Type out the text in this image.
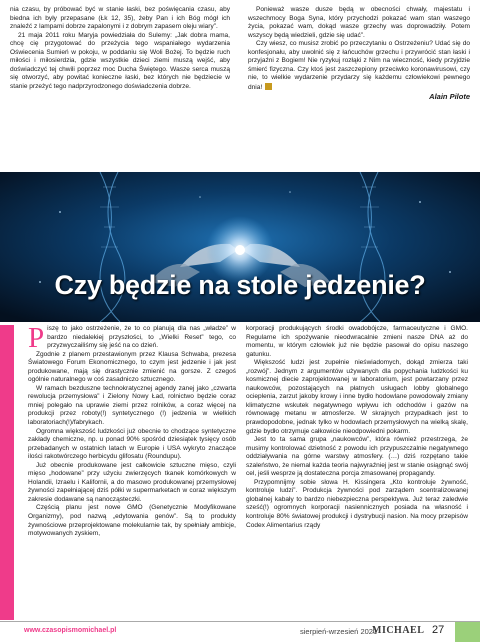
nia czasu, by próbować być w stanie łaski, bez poświęcania czasu, aby biedna ich były przepasane (Łk 12, 35), żeby Pan i ich Bóg mógł ich znaleźć z lampami dobrze zapalonymi i z dobrym zapasem oleju wiary”.

21 maja 2011 roku Maryja powiedziała do Sulemy: „Jak dobra mama, chcę cię przygotować do przeżycia tego wspaniałego wydarzenia Oświecenia Sumień w pokoju, w poddaniu się Woli Bożej. To będzie ruch miłości i miłosierdzia, gdzie wszystkie dzieci ziemi muszą wejść, aby doświadczyć tej chwili poprzez moc Ducha Świętego. Wasze serca muszą się otworzyć, aby powitać konieczne łaski, bez których nie będziecie w stanie przeżyć tego nadprzyrodzonego doświadczenia dobrze.

Ponieważ wasze dusze będą w obecności chwały, majestatu i wszechmocy Boga Syna, który przychodzi pokazać wam stan waszego życia, pokazać wam, dokąd wasze grzechy was doprowadziły. Potem wszyscy będą wiedzieli, gdzie się udać”.

Czy wiesz, co musisz zrobić po przeczytaniu o Ostrzeżeniu? Udać się do konfesjonału, aby uwolnić się z łańcuchów grzechu i przywrócić stan łaski i przyjaźni z Bogiem! Nie ryzykuj rozłąki z Nim na wieczność, kiedy przyjdzie śmierć fizyczna. Czy ktoś jest zaszczepiony przeciwko koronawirusowi, czy nie, to wielkie wydarzenie przydarzy się każdemu człowiekowi pewnego dnia!

Alain Pilote
Czy będzie na stole jedzenie?

Piszę to jako ostrzeżenie, że to co planują dla nas „władze” w bardzo niedalekiej przyszłości, to „Wielki Reset” tego, co przyzwyczailiśmy się jeść na co dzień.

Zgodnie z planem przestawionym przez Klausa Schwaba, prezesa Światowego Forum Ekonomicznego, to czym jest jedzenie i jak jest produkowane, mają się drastycznie zmienić na gorsze. Z czegoś ogólnie naturalnego w coś zasadniczo sztucznego.

W ramach bezduszne technokratycznej agendy zanej jako „czwarta rewolucja przemysłowa” i Zielony Nowy Ład, rolnictwo będzie coraz mniej polegało na uprawie ziemi przez rolników, a coraz więcej na produkcji przez roboty(!) syntetycznego (!) jedzenia w wielkich laboratoriach(!)/fabrykach.

Ogromna większość ludzkości już obecnie to chodzące syntetyczne zakłady chemiczne, np. u ponad 90% spośród dziesiątek tysięcy osób przebadanych w ostatnich latach w Europie i USA wykryto znaczące ilości rakotwórczego herbicydu glifosatu (Roundupu).

Już obecnie produkowane jest całkowicie sztuczne mięso, czyli mięso „hodowane” przy użyciu zwierzęcych tkanek komórkowych w Holandii, Izraelu i Kalifornii, a do masowo produkowanej przemysłowej żywności zapełniającej dziś półki w supermarketach w coraz większym zakresie dodawane są nanocząsteczki.

Częścią planu jest nowe GMO (Genetycznie Modyfikowane Organizmy), pod nazwą „edytowania genów”. Są to produkty żywnościowe przeprojektowane molekularnie tak, by spełniały ambicje, motywowanych zyskiem,

korporacji produkujących środki owadobójcze, farmaceutyczne i GMO. Regularne ich spożywanie nieodwracalnie zmieni nasze DNA aż do momentu, w którym człowiek już nie będzie pasował do opisu naszego gatunku.

Większość ludzi jest zupełnie nieświadomych, dokąd zmierza taki „rozwój”. Jednym z argumentów używanych dla popychania ludzkości ku kosmicznej diecie zaprojektowanej w laboratorium, jest powtarzany przez naukowców, pozostających na płatnych usługach lobby globalnego ocieplenia, zarzut jakoby krowy i inne bydło hodowlane powodowały zmiany klimatyczne wskutek negatywnego wpływu ich odchodów i gazów na równowagę metanu w atmosferze. W skrajnych przypadkach jest to prawdopodobne, jednak tylko w hodowlach przemysłowych na wielką skalę, gdzie bydło otrzymuje całkowicie nieodpowiedni pokarm.

Jest to ta sama grupa „naukowców”, która również przestrzega, że musimy kontrolować dzietność z powodu ich przypuszczalnie negatywnego oddziaływania na górne warstwy atmosfery. (…) dziś rozpętano takie szaleństwo, że niemal każda teoria najwyraźniej jest w stanie osiągnąć swój cel, jeśli wesprze ją dostateczna porcja zmasowanej propagandy.

Przypomnijmy sobie słowa H. Kissingera „Kto kontroluje żywność, kontroluje ludzi”. Produkcja żywności pod zarządem scentralizowanej globalnej kabały to bardzo niebezpieczna perspektywa. Już teraz zaledwie sześć(!) ogromnych korporacji nasiennicznych posiada na własność i kontroluje 80% światowej produkcji i dystrybucji nasion. Na mocy przepisów Codex Alimentarius rządy

www.czasopismomichael.pl	sierpień-wrzesień 2021
MICHAEL 27
